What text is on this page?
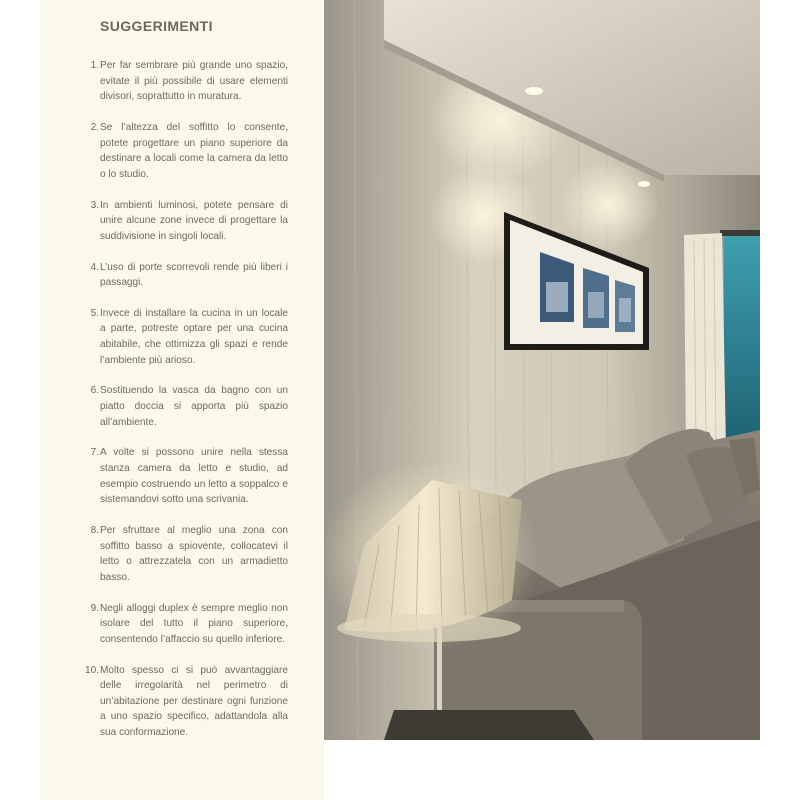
SUGGERIMENTI
1. Per far sembrare più grande uno spazio, evitate il più possibile di usare elementi divisori, soprattutto in muratura.
2. Se l’altezza del soffitto lo consente, potete progettare un piano superiore da destinare a locali come la camera da letto o lo studio.
3. In ambienti luminosi, potete pensare di unire alcune zone invece di progettare la suddivisione in singoli locali.
4. L’uso di porte scorrevoli rende più liberi i passaggi.
5. Invece di installare la cucina in un locale a parte, potreste optare per una cucina abitabile, che ottimizza gli spazi e rende l’ambiente più arioso.
6. Sostituendo la vasca da bagno con un piatto doccia si apporta più spazio all’ambiente.
7. A volte si possono unire nella stessa stanza camera da letto e studio, ad esempio costruendo un letto a soppalco e sistemandovi sotto una scrivania.
8. Per sfruttare al meglio una zona con soffitto basso a spiovente, collocatevi il letto o attrezzatela con un armadietto basso.
9. Negli alloggi duplex è sempre meglio non isolare del tutto il piano superiore, consentendo l’affaccio su quello inferiore.
10. Molto spesso ci si può avvantaggiare delle irregolarità nel perimetro di un’abitazione per destinare ogni funzione a uno spazio specifico, adattandola alla sua conformazione.
